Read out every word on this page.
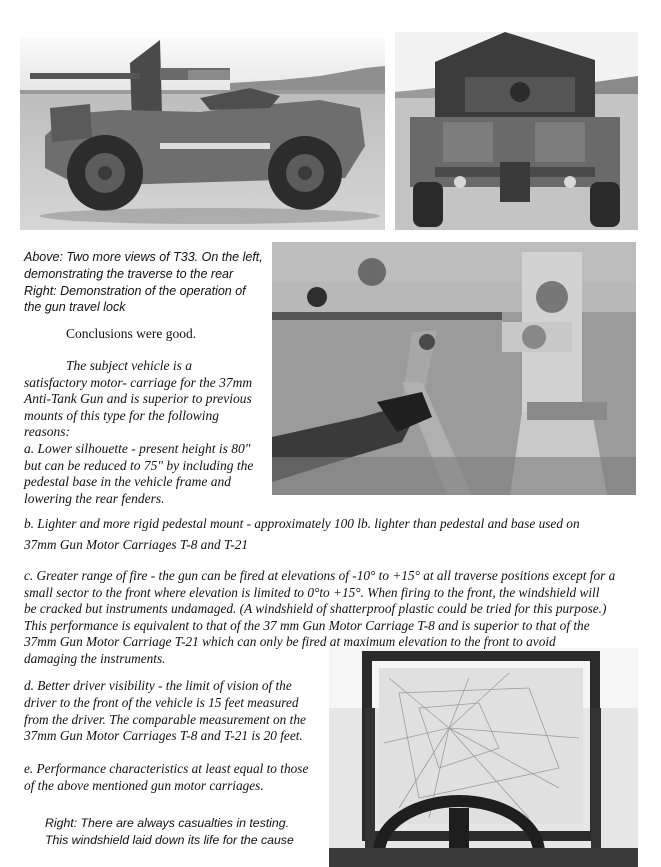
Above: Two more views of T33. On the left,

demonstrating the traverse to the rear

Right: Demonstration of the operation of

the gun travel lock

Conclusions were good.

The subject vehicle is a

satisfactory motor- carriage for the 37mm

Anti-Tank Gun and is superior to previous

mounts of this type for the following

reasons:

a. Lower silhouette - present height is 80"

but can be reduced to 75" by including the

pedestal base in the vehicle frame and

lowering the rear fenders.

b. Lighter and more rigid pedestal mount - approximately 100 lb. lighter than pedestal and base used on

37mm Gun Motor Carriages T-8 and T-21

c. Greater range of fire - the gun can be fired at elevations of -10° to +15° at all traverse positions except for a

small sector to the front where elevation is limited to 0°to +15°. When firing to the front, the windshield will

be cracked but instruments undamaged. (A windshield of shatterproof plastic could be tried for this purpose.)

This performance is equivalent to that of the 37 mm Gun Motor Carriage T-8 and is superior to that of the

37mm Gun Motor Carriage T-21 which can only be fired at maximum elevation to the front to avoid

damaging the instruments.

d. Better driver visibility - the limit of vision of the

driver to the front of the vehicle is 15 feet measured

from the driver. The comparable measurement on the

37mm Gun Motor Carriages T-8 and T-21 is 20 feet.

e. Performance characteristics at least equal to those

of the above mentioned gun motor carriages.

Right: There are always casualties in testing.

This windshield laid down its life for the cause
